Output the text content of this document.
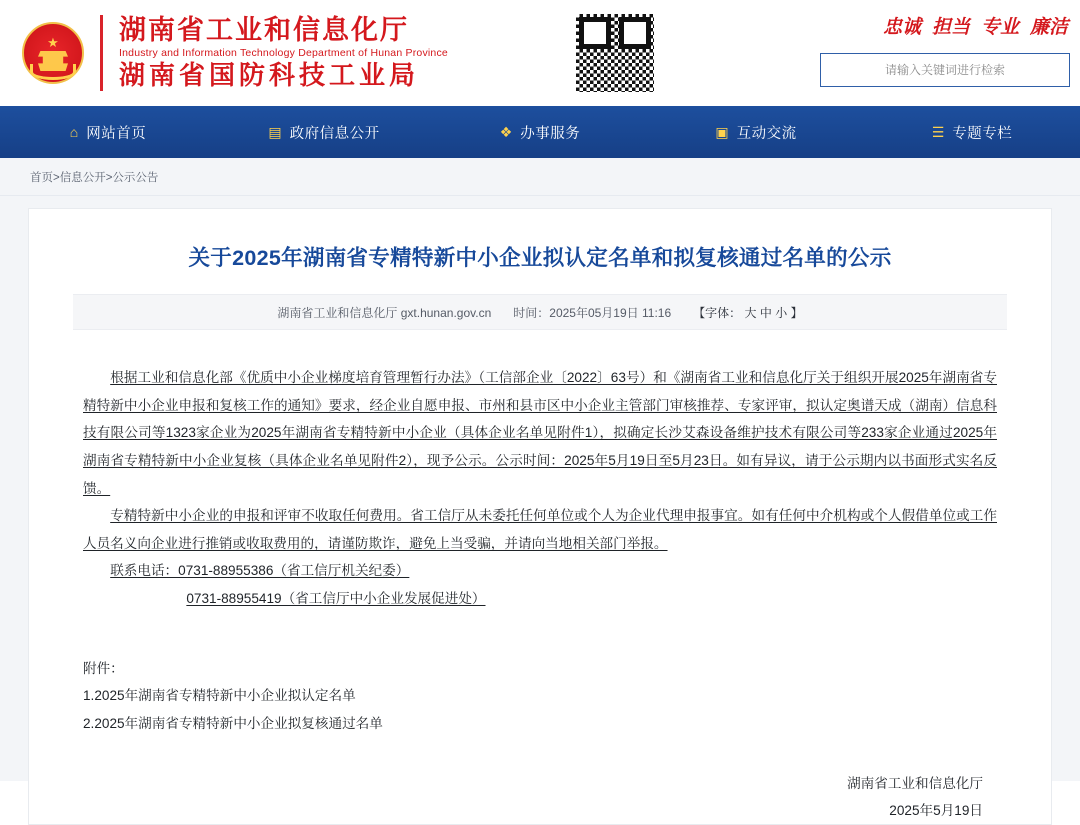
★ 湖南省工业和信息化厅
Industry and Information Technology Department of Hunan Province
湖南省国防科技工业局
忠诚 担当 专业 廉洁
请输入关键词进行检索
⌂ 网站首页	▤ 政府信息公开	❖ 办事服务	▣ 互动交流	☰ 专题专栏
首页>信息公开>公示公告
关于2025年湖南省专精特新中小企业拟认定名单和拟复核通过名单的公示
湖南省工业和信息化厅 gxt.hunan.gov.cn 时间：2025年05月19日 11:16 【字体： 大 中 小 】

根据工业和信息化部《优质中小企业梯度培育管理暂行办法》（工信部企业〔2022〕63号）和《湖南省工业和信息化厅关于组织开展2025年湖南省专精特新中小企业申报和复核工作的通知》要求，经企业自愿申报、市州和县市区中小企业主管部门审核推荐、专家评审，拟认定奥谱天成（湖南）信息科技有限公司等1323家企业为2025年湖南省专精特新中小企业（具体企业名单见附件1），拟确定长沙艾森设备维护技术有限公司等233家企业通过2025年湖南省专精特新中小企业复核（具体企业名单见附件2），现予公示。公示时间：2025年5月19日至5月23日。如有异议，请于公示期内以书面形式实名反馈。

专精特新中小企业的申报和评审不收取任何费用。省工信厅从未委托任何单位或个人为企业代理申报事宜。如有任何中介机构或个人假借单位或工作人员名义向企业进行推销或收取费用的，请谨防欺诈，避免上当受骗，并请向当地相关部门举报。

联系电话：0731-88955386（省工信厅机关纪委）

0731-88955419（省工信厅中小企业发展促进处）

附件：

1.2025年湖南省专精特新中小企业拟认定名单

2.2025年湖南省专精特新中小企业拟复核通过名单

湖南省工业和信息化厅
2025年5月19日
